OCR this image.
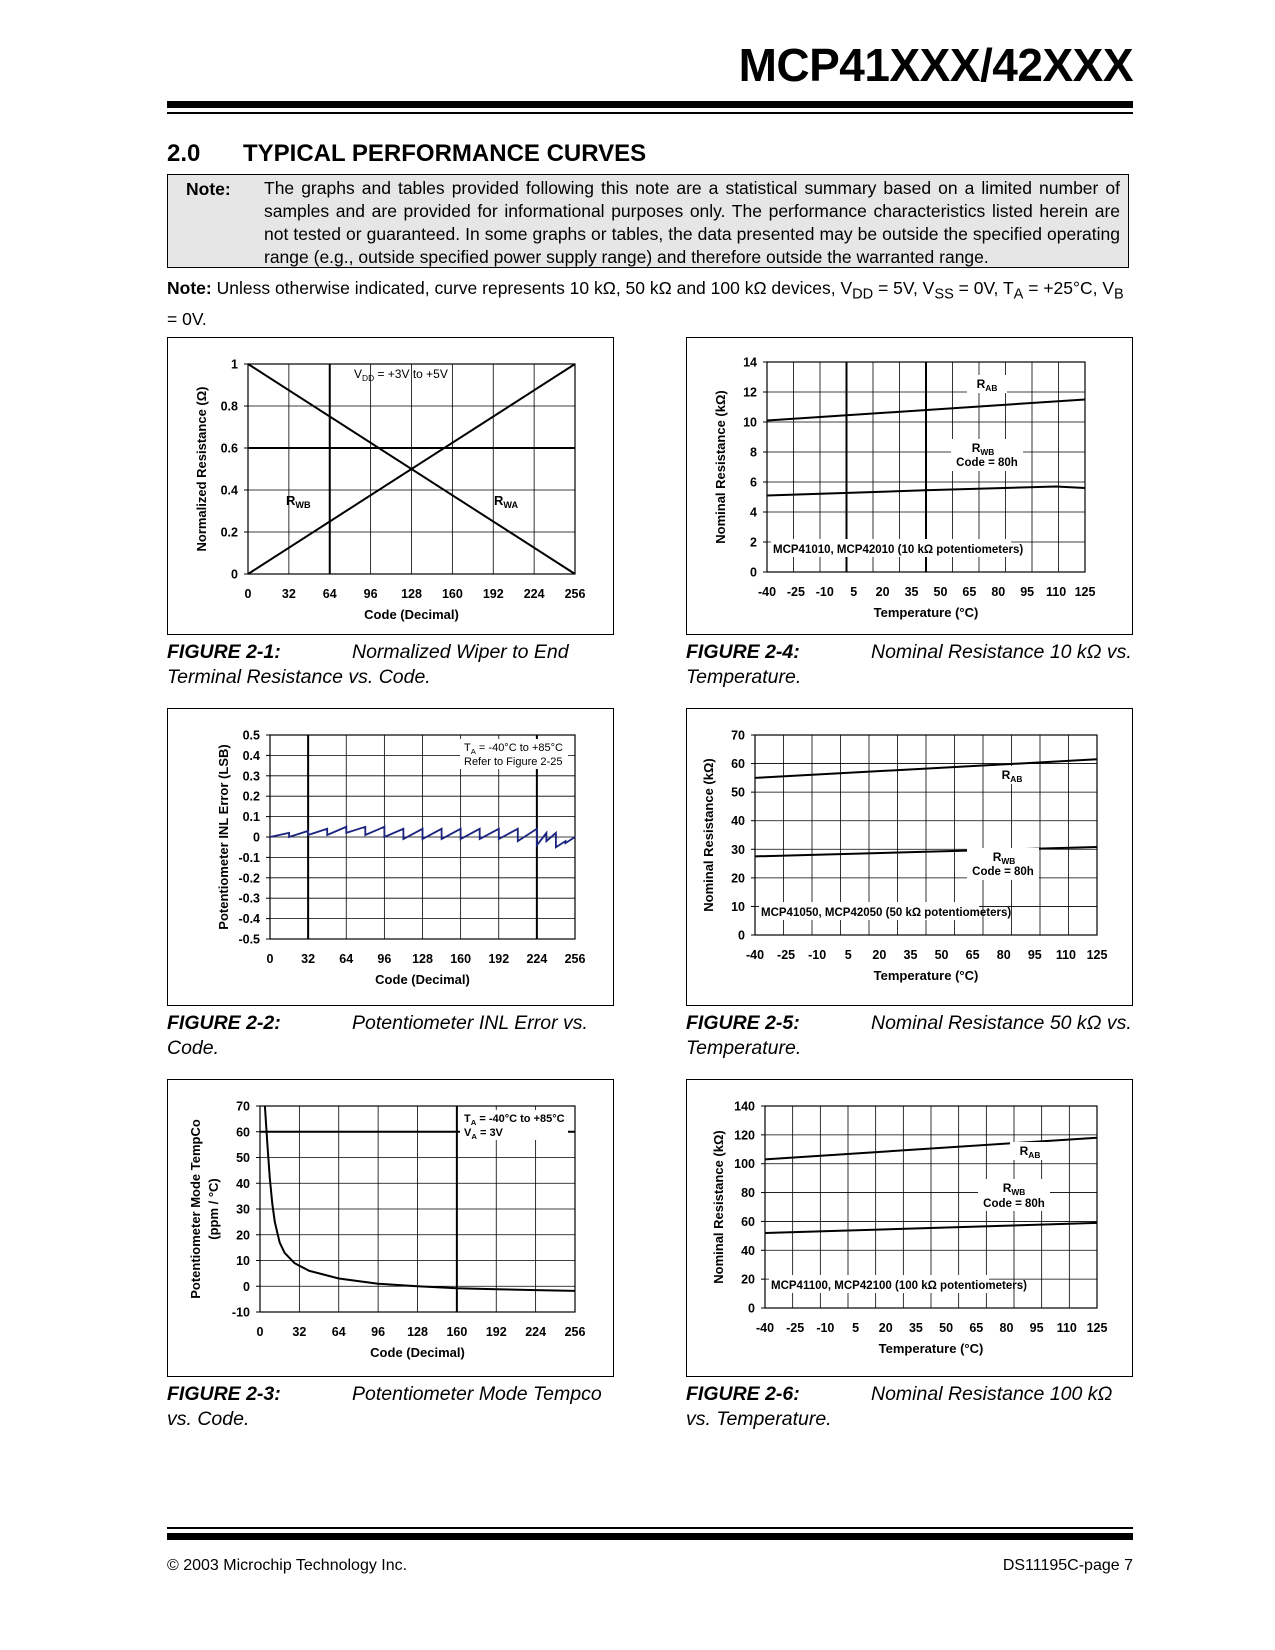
MCP41XXX/42XXX
2.0 TYPICAL PERFORMANCE CURVES
Note: The graphs and tables provided following this note are a statistical summary based on a limited number of samples and are provided for informational purposes only. The performance characteristics listed herein are not tested or guaranteed. In some graphs or tables, the data presented may be outside the specified operating range (e.g., outside specified power supply range) and therefore outside the warranted range.
Note: Unless otherwise indicated, curve represents 10 kΩ, 50 kΩ and 100 kΩ devices, $V_{DD} = 5V$, $V_{SS} = 0V$, $T_A = +25^\circ C$, $V_B = 0V$.
0 32 64 96 128 160 192 224 256
0
0.2
0.4
0.6
0.8
1
Code (Decimal)
Normalized Resistance (Ω)
$V_{DD} = +3V$ to +5V
$R_{WB}$	$R_{WA}$
-40 -25 -10 5 20 35 50 65 80 95 110 125
0
2
4
6
8
10
12
14
Temperature (°C)
Nominal Resistance (kΩ)
MCP41010, MCP42010 (10 kΩ potentiometers)
$R_{AB}$
$R_{WB}$
Code = 80h
0 32 64 96 128 160 192 224 256
0.5
0.4
0.3
0.2
0.1
0
-0.1
-0.2
-0.3
-0.4
-0.5
Code (Decimal)
Potentiometer INL Error (LSB)	$T_A = -40^\circ C$ to +85°C
Refer to Figure 2-25
-40 -25 -10 5 20 35 50 65 80 95 110 125
0
10
20
30
40
50
60
70
Temperature (°C)
Nominal Resistance (kΩ)
MCP41050, MCP42050 (50 kΩ potentiometers)
$R_{AB}$
$R_{WB}$
Code = 80h
0 32 64 96 128 160 192 224 256
70
60
50
40
30
20
10
0
-10
Code (Decimal)
Potentiometer Mode TempCo (ppm / °C)
$T_A = -40^\circ C$ to +85°C
$V_A = 3V$
-40 -25 -10 5 20 35 50 65 80 95 110 125
0
20
40
60
80
100
120
140
Temperature (°C)
Nominal Resistance (kΩ)
MCP41100, MCP42100 (100 kΩ potentiometers)
$R_{AB}$
$R_{WB}$
Code = 80h
FIGURE 2-1:	Normalized Wiper to End Terminal Resistance vs. Code.
FIGURE 2-4:	Nominal Resistance 10 kΩ vs. Temperature.
FIGURE 2-2:	Potentiometer INL Error vs. Code.
FIGURE 2-5:	Nominal Resistance 50 kΩ vs. Temperature.
FIGURE 2-3:	Potentiometer Mode Tempco vs. Code.
FIGURE 2-6:	Nominal Resistance 100 kΩ vs. Temperature.
© 2003 Microchip Technology Inc.	DS11195C-page 7
